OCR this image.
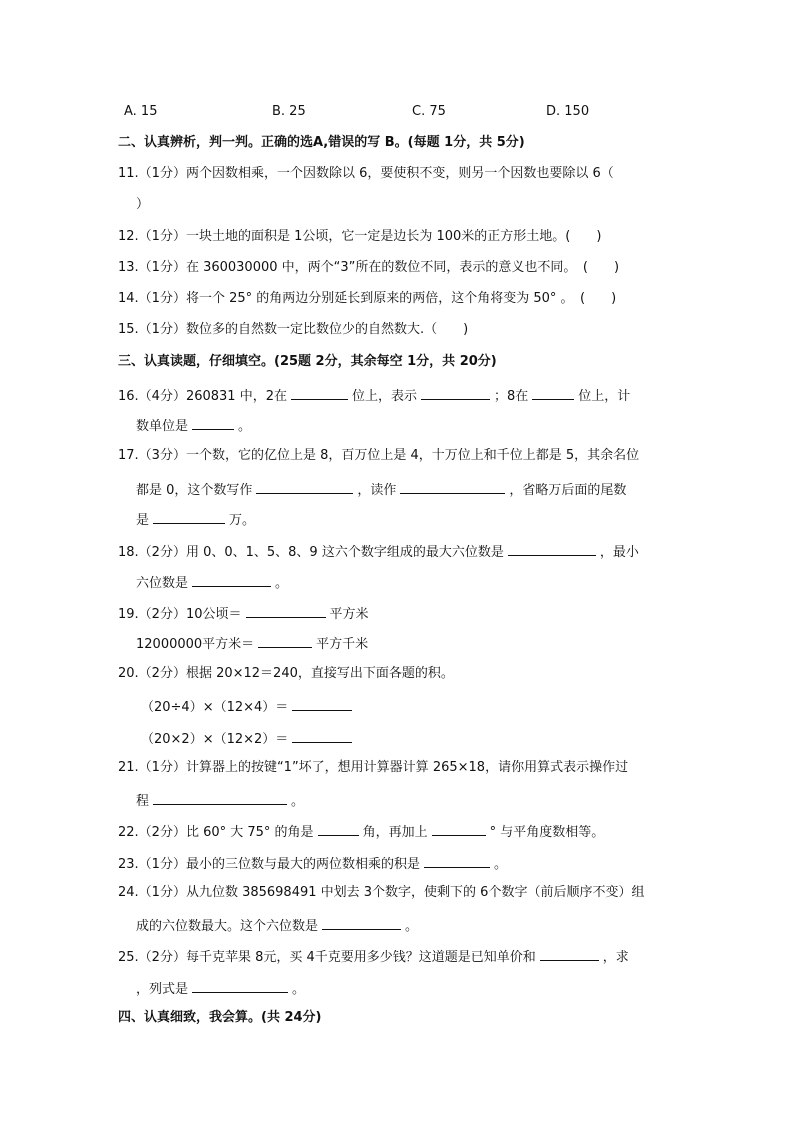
A. 15	B. 25	C. 75	D. 150
二、认真辨析，判一判。正确的选A,错误的写 B。(每题 1分，共 5分)
11.（1分）两个因数相乘，一个因数除以 6，要使积不变，则另一个因数也要除以 6（
）
12.（1分）一块土地的面积是 1公顷，它一定是边长为 100米的正方形土地。(　　)
13.（1分）在 360030000 中，两个“3”所在的数位不同，表示的意义也不同。　(　　)
14.（1分）将一个 25° 的角两边分别延长到原来的两倍，这个角将变为 50° 。　(　　)
15.（1分）数位多的自然数一定比数位少的自然数大.（　　)
三、认真读题，仔细填空。(25题 2分，其余每空 1分，共 20分)
16.（4分）260831 中，2在	位上，表示	；8在	位上，计
数单位是	。
17.（3分）一个数，它的亿位上是 8，百万位上是 4，十万位上和千位上都是 5，其余名位
都是 0，这个数写作	，读作	，省略万后面的尾数
是	万。
18.（2分）用 0、0、1、5、8、9 这六个数字组成的最大六位数是	，最小
六位数是	。
19.（2分）10公顷＝	平方米
12000000平方米＝	平方千米
20.（2分）根据 20×12＝240，直接写出下面各题的积。
（20÷4）×（12×4）＝
（20×2）×（12×2）＝
21.（1分）计算器上的按键“1”坏了，想用计算器计算 265×18，请你用算式表示操作过
程	。
22.（2分）比 60° 大 75° 的角是	角，再加上	° 与平角度数相等。
23.（1分）最小的三位数与最大的两位数相乘的积是	。
24.（1分）从九位数 385698491 中划去 3个数字，使剩下的 6个数字（前后顺序不变）组
成的六位数最大。这个六位数是	。
25.（2分）每千克苹果 8元，买 4千克要用多少钱？这道题是已知单价和	，求
，列式是	。
四、认真细致，我会算。(共 24分)
